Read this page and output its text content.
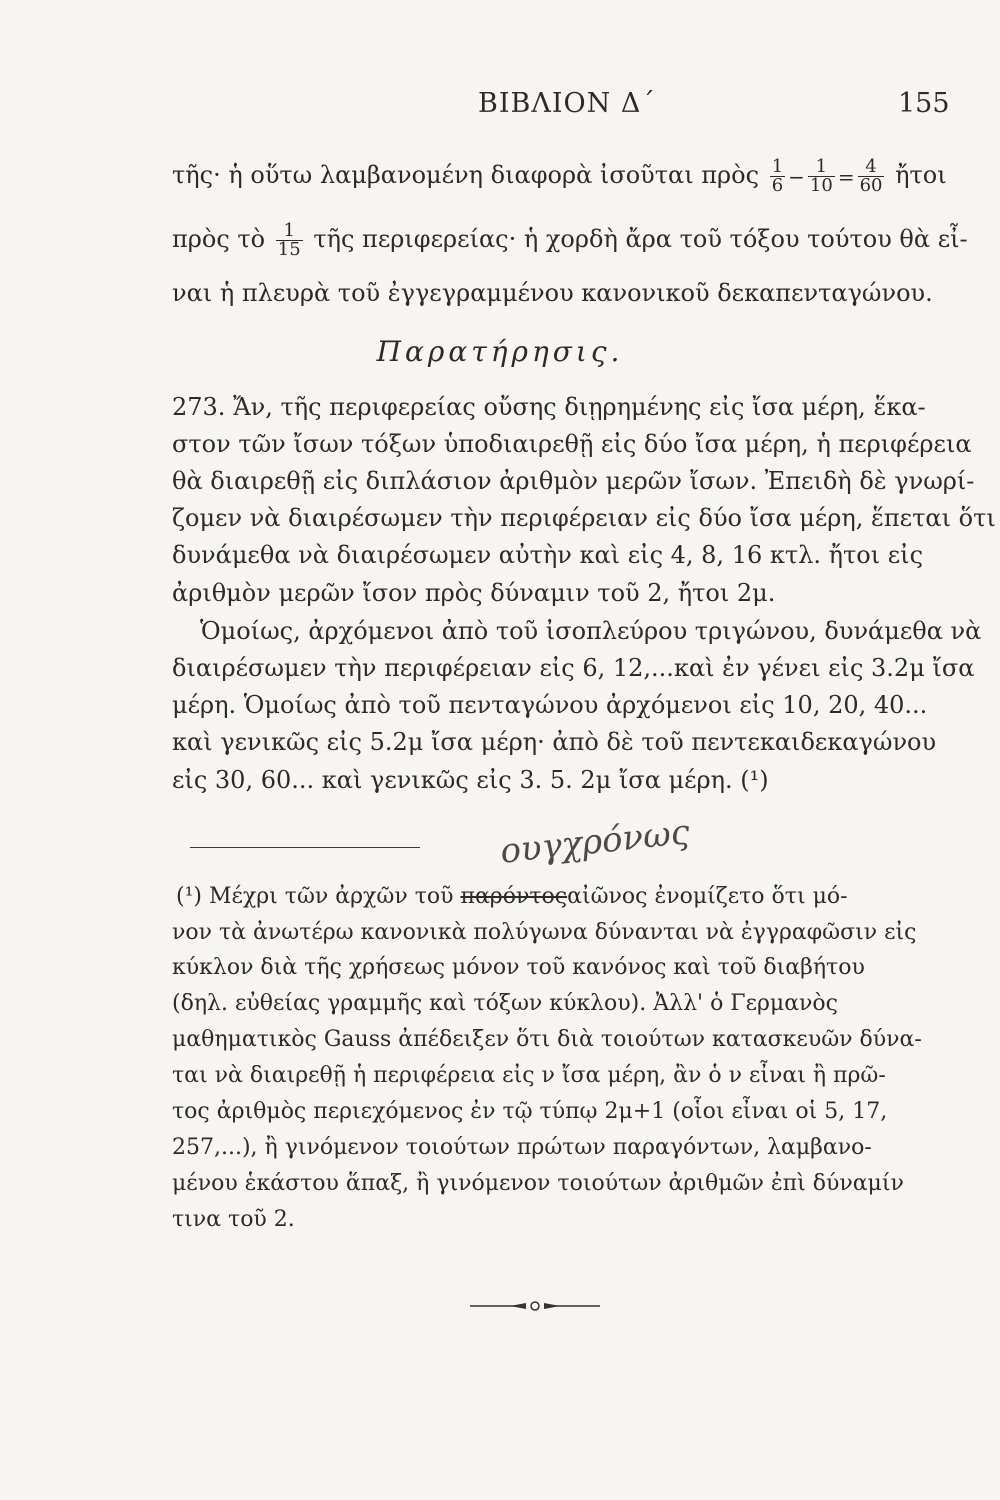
ΒΙΒΛΙΟΝ Δ΄	155
τῆς· ἡ οὕτω λαμβανομένη διαφορὰ ἰσοῦται πρὸς $\frac{1}{6} - \frac{1}{10} = \frac{4}{60}$ ἤτοι
πρὸς τὸ $\frac{1}{15}$ τῆς περιφερείας· ἡ χορδὴ ἄρα τοῦ τόξου τούτου θὰ εἶ-
ναι ἡ πλευρὰ τοῦ ἐγγεγραμμένου κανονικοῦ δεκαπενταγώνου.
Παρατήρησις.
273. Ἄν, τῆς περιφερείας οὔσης διῃρημένης εἰς ἴσα μέρη, ἕκα-
στον τῶν ἴσων τόξων ὑποδιαιρεθῇ εἰς δύο ἴσα μέρη, ἡ περιφέρεια
θὰ διαιρεθῇ εἰς διπλάσιον ἀριθμὸν μερῶν ἴσων. Ἐπειδὴ δὲ γνωρί-
ζομεν νὰ διαιρέσωμεν τὴν περιφέρειαν εἰς δύο ἴσα μέρη, ἕπεται ὅτι
δυνάμεθα νὰ διαιρέσωμεν αὐτὴν καὶ εἰς 4, 8, 16 κτλ. ἤτοι εἰς
ἀριθμὸν μερῶν ἴσον πρὸς δύναμιν τοῦ 2, ἤτοι 2μ.
Ὁμοίως, ἀρχόμενοι ἀπὸ τοῦ ἰσοπλεύρου τριγώνου, δυνάμεθα νὰ
διαιρέσωμεν τὴν περιφέρειαν εἰς 6, 12,...καὶ ἐν γένει εἰς 3.2μ ἴσα
μέρη. Ὁμοίως ἀπὸ τοῦ πενταγώνου ἀρχόμενοι εἰς 10, 20, 40...
καὶ γενικῶς εἰς 5.2μ ἴσα μέρη· ἀπὸ δὲ τοῦ πεντεκαιδεκαγώνου
εἰς 30, 60... καὶ γενικῶς εἰς 3. 5. 2μ ἴσα μέρη. (¹)
ουγχρόνως
(¹) Μέχρι τῶν ἀρχῶν τοῦ παρόντοςαἰῶνος ἐνομίζετο ὅτι μό-
νον τὰ ἀνωτέρω κανονικὰ πολύγωνα δύνανται νὰ ἐγγραφῶσιν εἰς
κύκλον διὰ τῆς χρήσεως μόνον τοῦ κανόνος καὶ τοῦ διαβήτου
(δηλ. εὐθείας γραμμῆς καὶ τόξων κύκλου). Ἀλλ' ὁ Γερμανὸς
μαθηματικὸς Gauss ἀπέδειξεν ὅτι διὰ τοιούτων κατασκευῶν δύνα-
ται νὰ διαιρεθῇ ἡ περιφέρεια εἰς ν ἴσα μέρη, ἂν ὁ ν εἶναι ἢ πρῶ-
τος ἀριθμὸς περιεχόμενος ἐν τῷ τύπῳ 2μ+1 (οἷοι εἶναι οἱ 5, 17,
257,...), ἢ γινόμενον τοιούτων πρώτων παραγόντων, λαμβανο-
μένου ἑκάστου ἅπαξ, ἢ γινόμενον τοιούτων ἀριθμῶν ἐπὶ δύναμίν
τινα τοῦ 2.
